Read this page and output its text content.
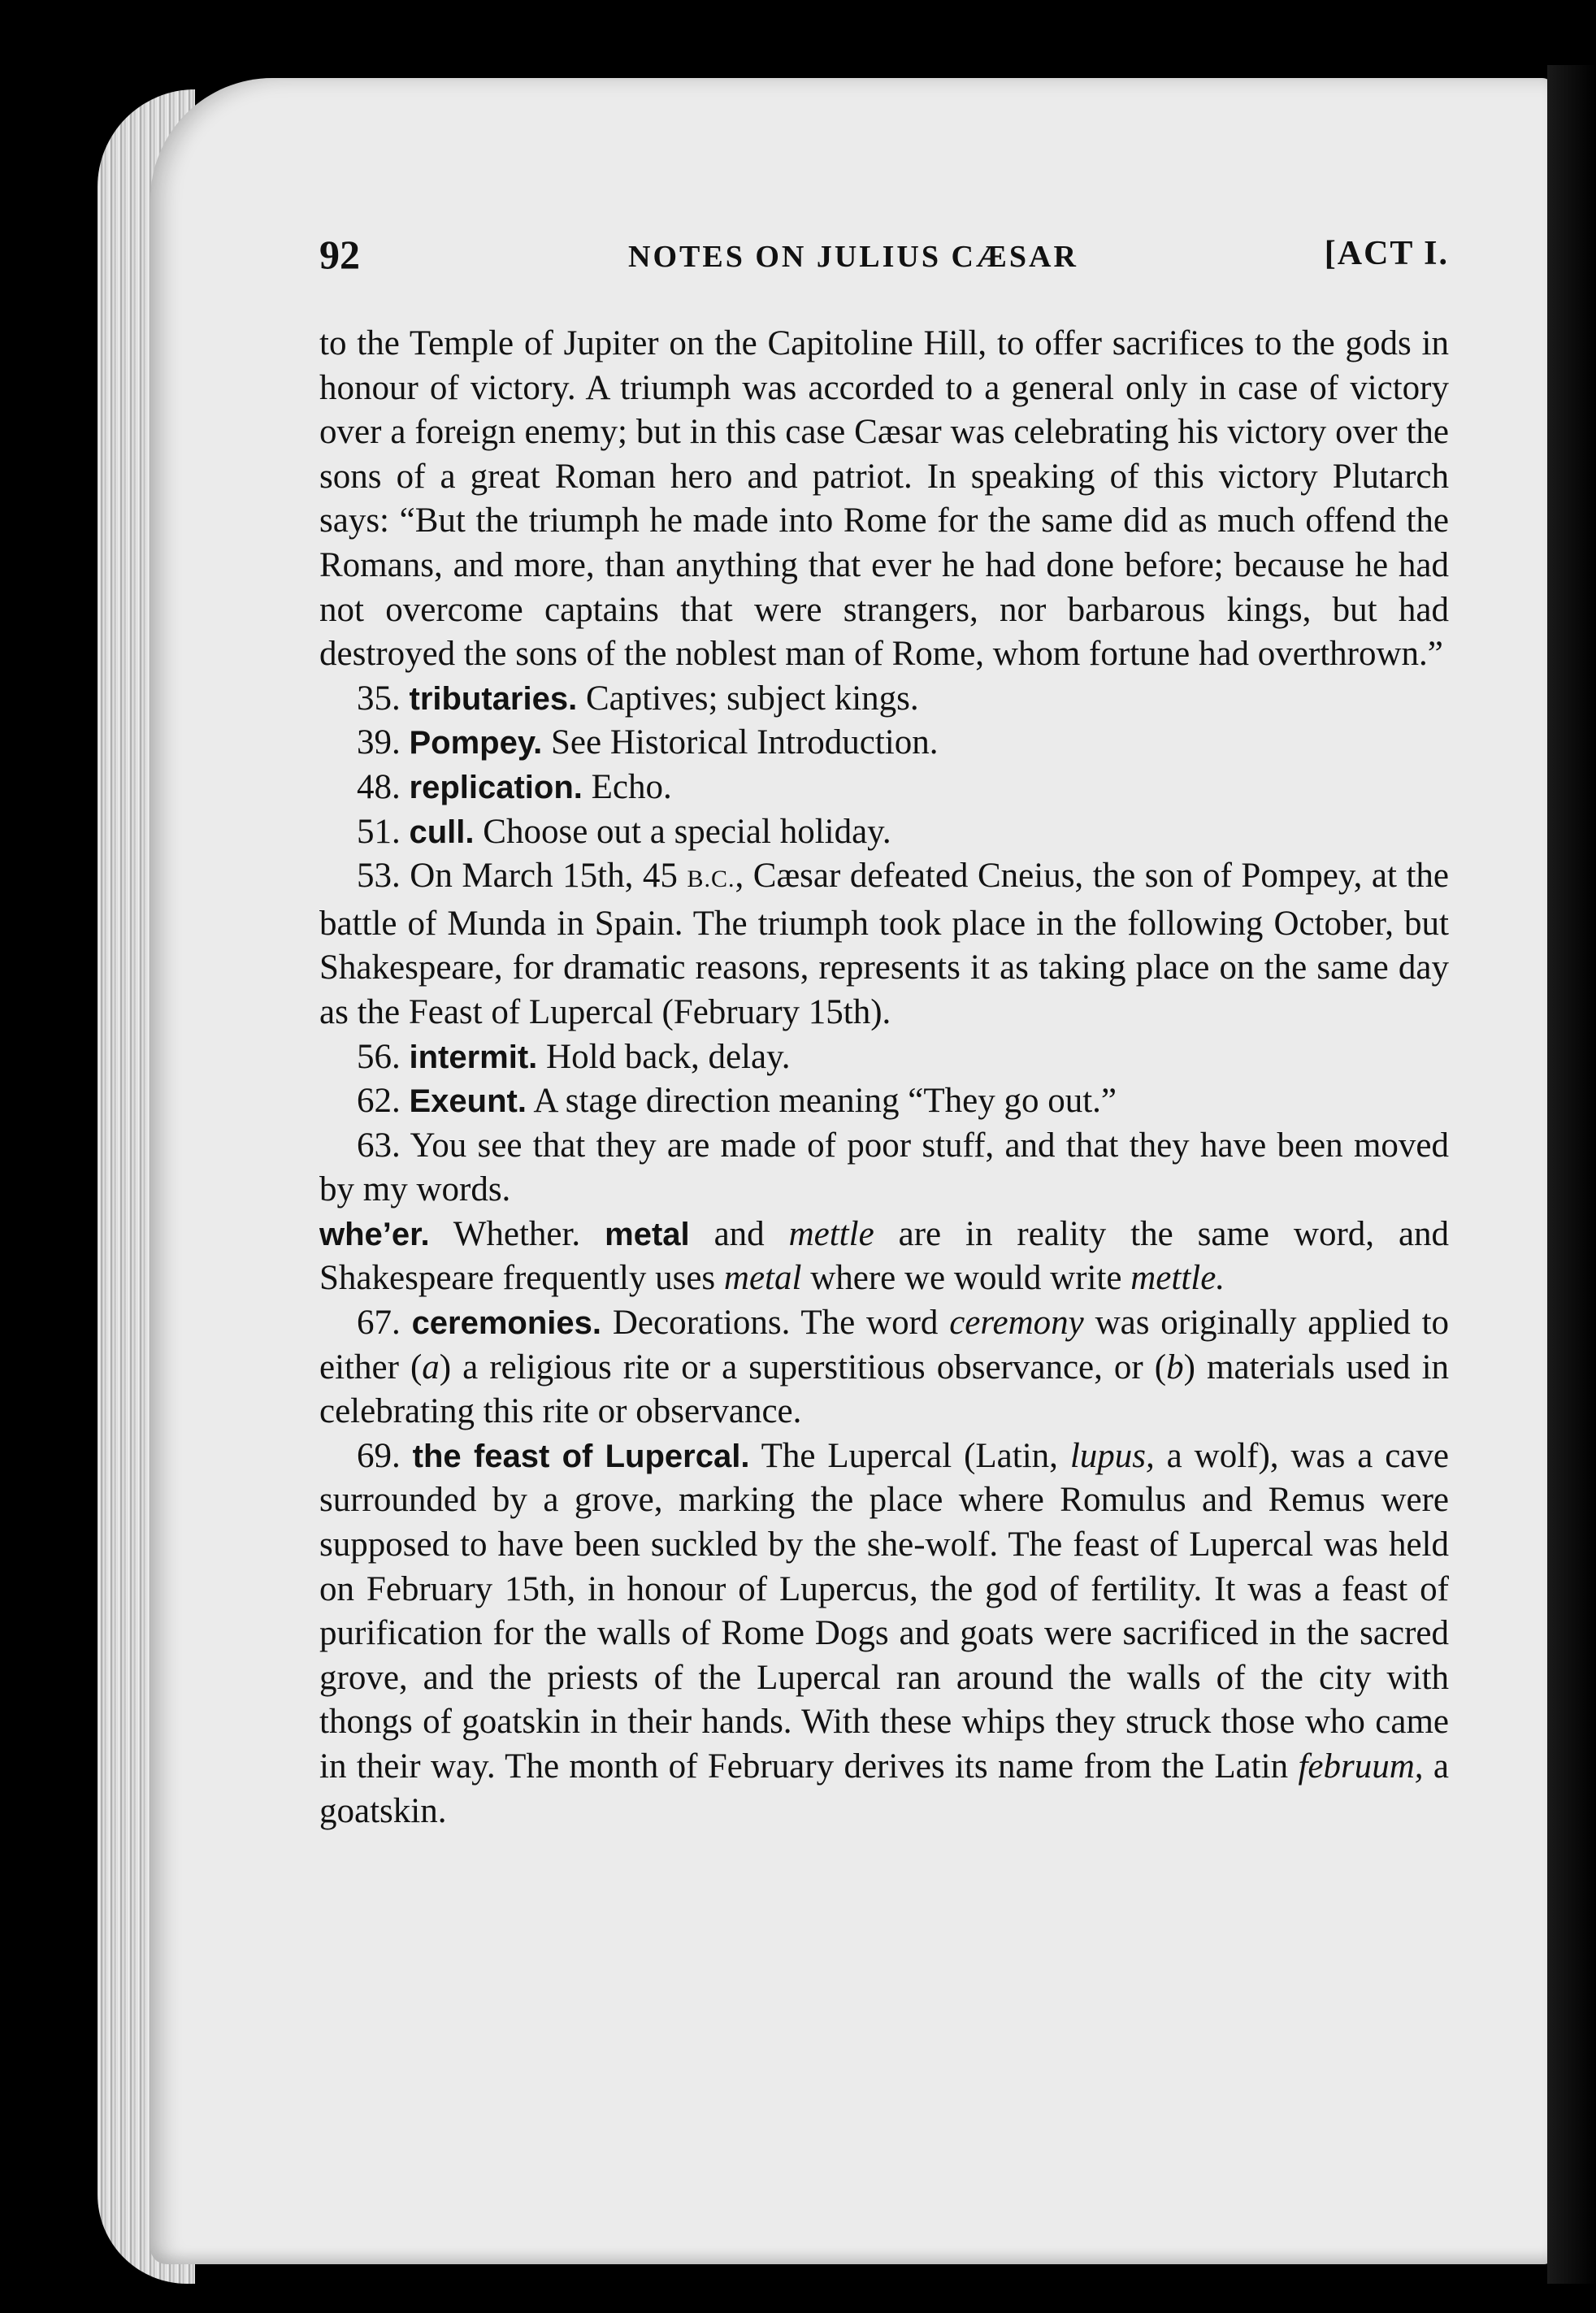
92	NOTES ON JULIUS CÆSAR	[ACT I.

to the Temple of Jupiter on the Capitoline Hill, to offer sacrifices to the gods in honour of victory. A triumph was accorded to a general only in case of victory over a foreign enemy; but in this case Cæsar was celebrating his victory over the sons of a great Roman hero and patriot. In speaking of this victory Plutarch says: “But the triumph he made into Rome for the same did as much offend the Romans, and more, than anything that ever he had done before; because he had not overcome captains that were strangers, nor barbarous kings, but had destroyed the sons of the noblest man of Rome, whom fortune had overthrown.”

35. tributaries. Captives; subject kings.

39. Pompey. See Historical Introduction.

48. replication. Echo.

51. cull. Choose out a special holiday.

53. On March 15th, 45 B.C., Cæsar defeated Cneius, the son of Pompey, at the battle of Munda in Spain. The triumph took place in the following October, but Shakespeare, for dramatic reasons, represents it as taking place on the same day as the Feast of Lupercal (February 15th).

56. intermit. Hold back, delay.

62. Exeunt. A stage direction meaning “They go out.”

63. You see that they are made of poor stuff, and that they have been moved by my words.

whe’er. Whether. metal and mettle are in reality the same word, and Shakespeare frequently uses metal where we would write mettle.

67. ceremonies. Decorations. The word ceremony was originally applied to either (a) a religious rite or a superstitious observance, or (b) materials used in celebrating this rite or observance.

69. the feast of Lupercal. The Lupercal (Latin, lupus, a wolf), was a cave surrounded by a grove, marking the place where Romulus and Remus were supposed to have been suckled by the she-wolf. The feast of Lupercal was held on February 15th, in honour of Lupercus, the god of fertility. It was a feast of purification for the walls of Rome Dogs and goats were sacrificed in the sacred grove, and the priests of the Lupercal ran around the walls of the city with thongs of goatskin in their hands. With these whips they struck those who came in their way. The month of February derives its name from the Latin februum, a goatskin.
